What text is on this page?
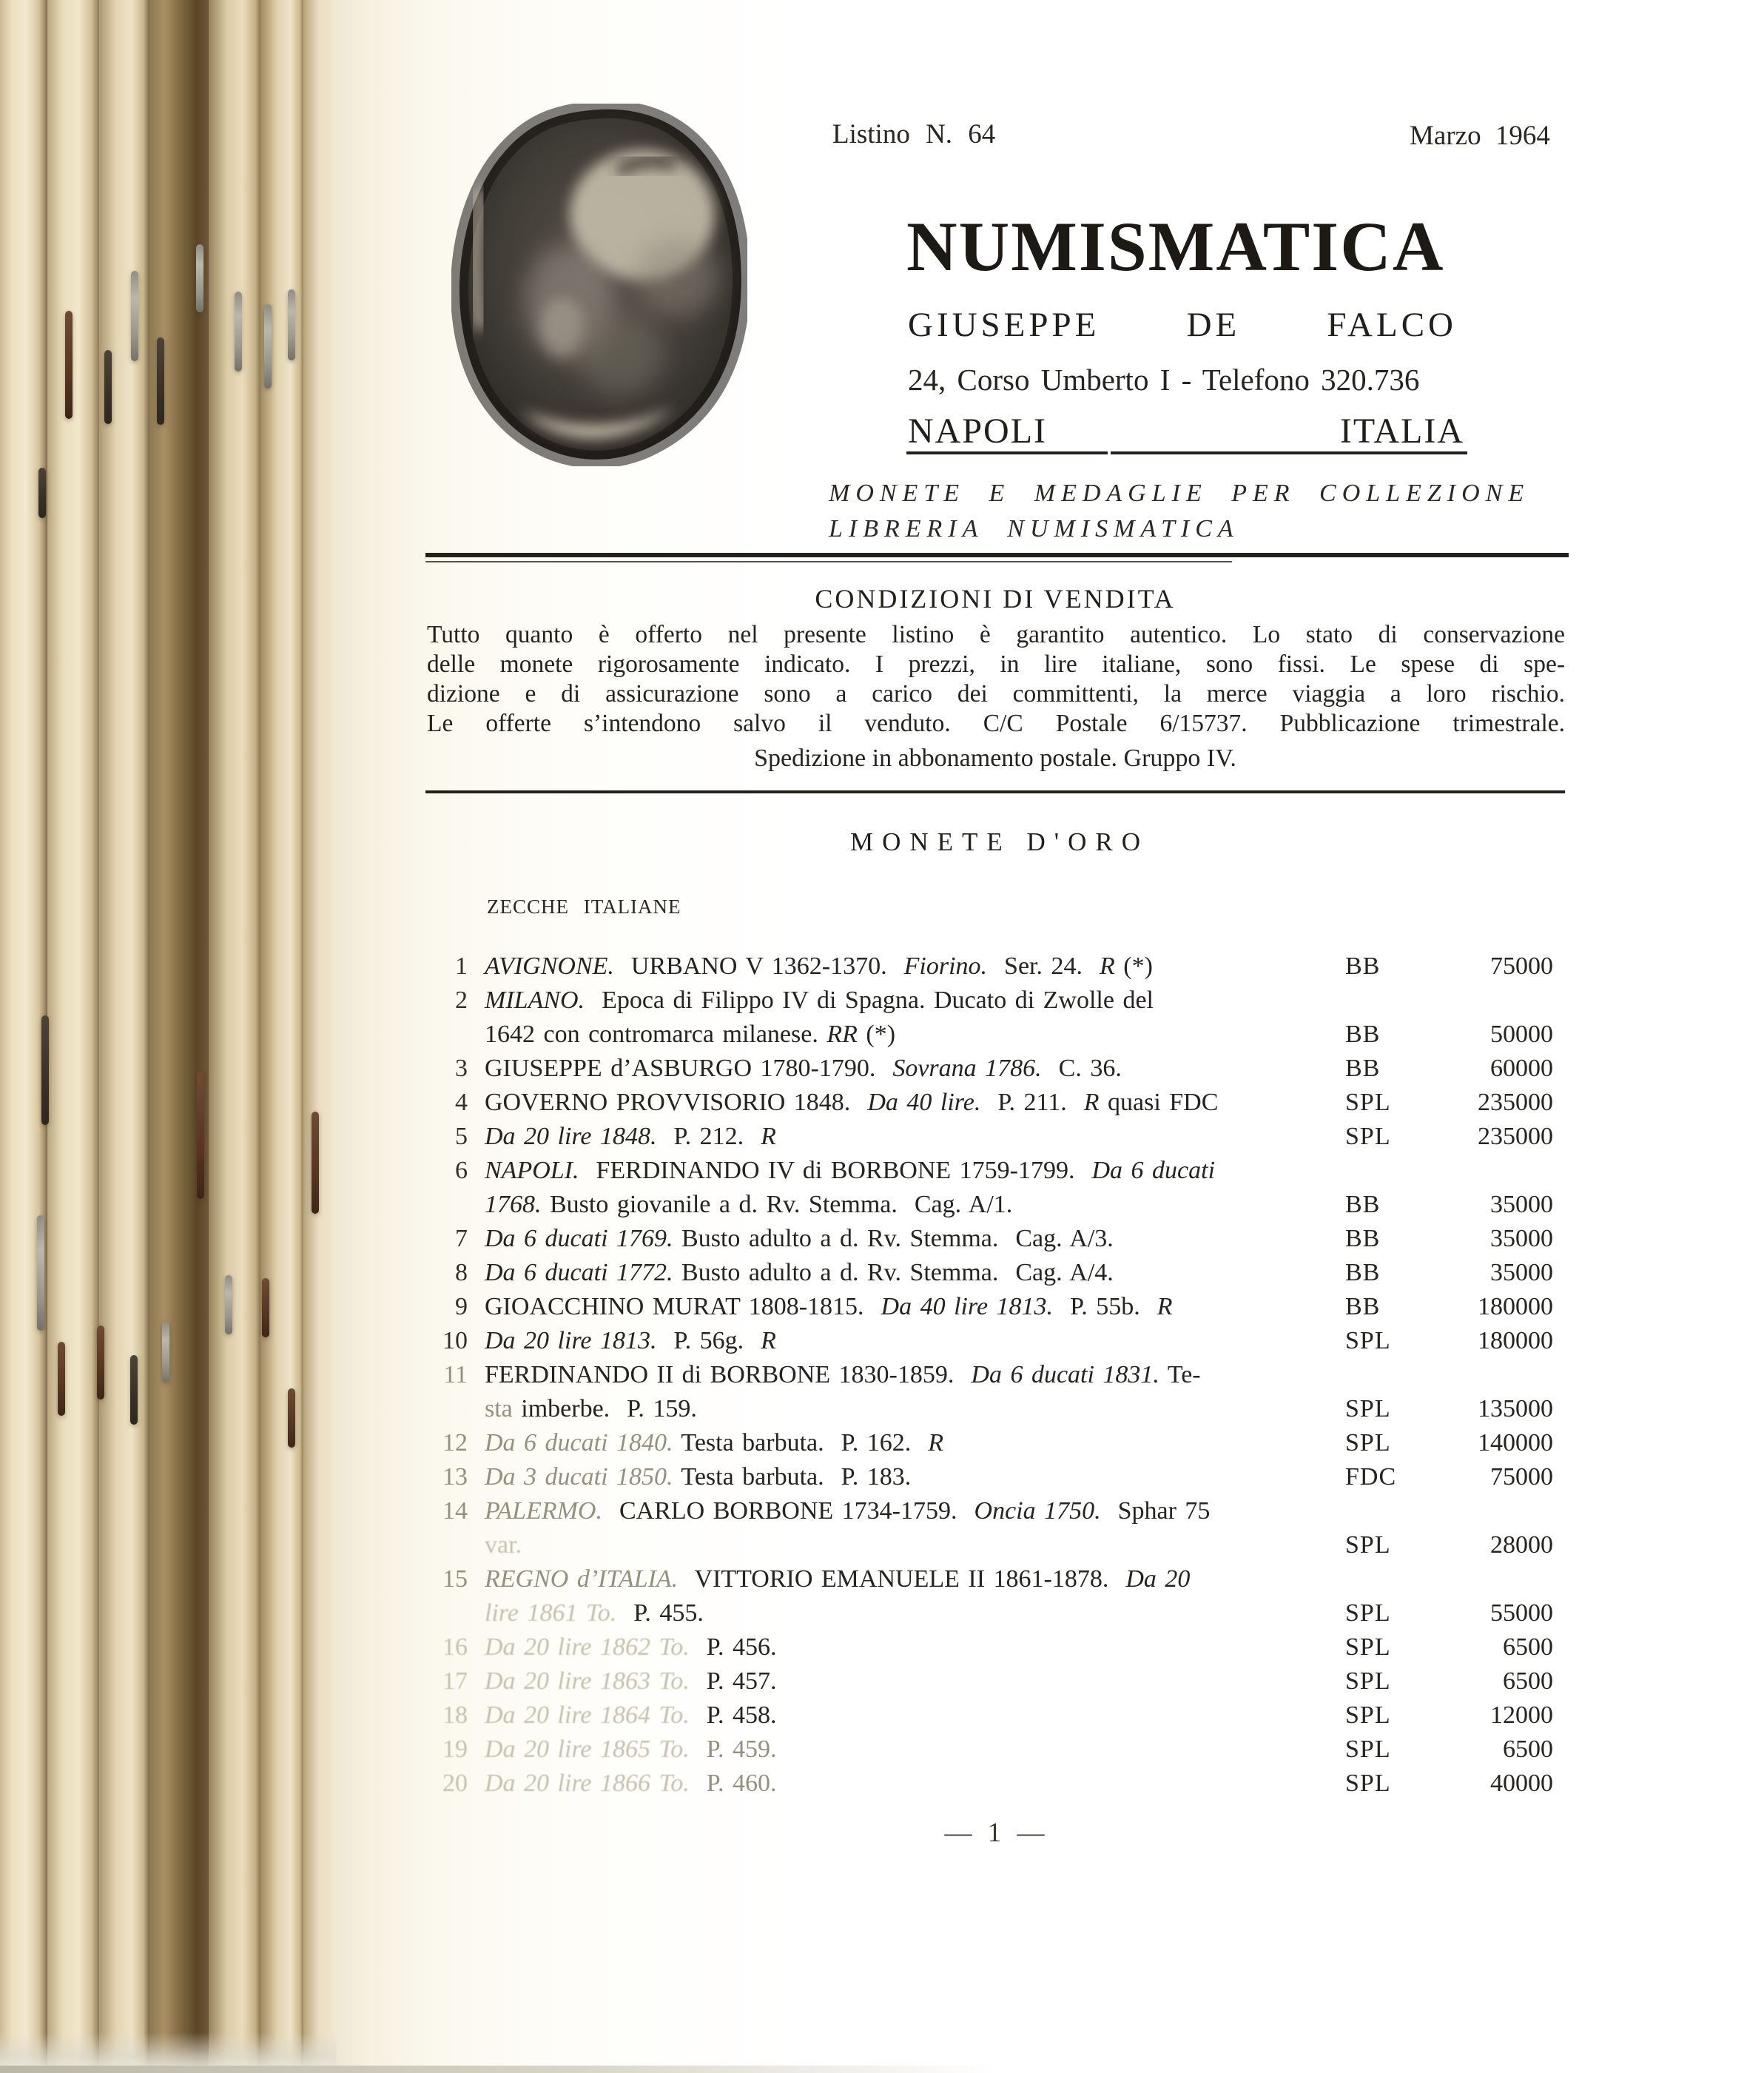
Listino N. 64	Marzo 1964
NUMISMATICA
GIUSEPPE DE FALCO
24, Corso Umberto I - Telefono 320.736
NAPOLI	ITALIA
MONETE E MEDAGLIE PER COLLEZIONE
LIBRERIA NUMISMATICA
CONDIZIONI DI VENDITA
Tutto quanto è offerto nel presente listino è garantito autentico. Lo stato di conservazione
delle monete rigorosamente indicato. I prezzi, in lire italiane, sono fissi. Le spese di spe-
dizione e di assicurazione sono a carico dei committenti, la merce viaggia a loro rischio.
Le offerte s’intendono salvo il venduto. C/C Postale 6/15737. Pubblicazione trimestrale.
Spedizione in abbonamento postale. Gruppo IV.
MONETE D'ORO
ZECCHE ITALIANE
1 AVIGNONE.  URBANO V 1362-1370.  Fiorino.  Ser. 24.  R (*)	BB	75000
2 MILANO.  Epoca di Filippo IV di Spagna. Ducato di Zwolle del
1642 con contromarca milanese. RR (*)	BB	50000
3 GIUSEPPE d’ASBURGO 1780-1790.  Sovrana 1786.  C. 36.	BB	60000
4 GOVERNO PROVVISORIO 1848.  Da 40 lire.  P. 211.  R quasi FDC	SPL	235000
5 Da 20 lire 1848.  P. 212.  R	SPL	235000
6 NAPOLI.  FERDINANDO IV di BORBONE 1759-1799.  Da 6 ducati
1768. Busto giovanile a d. Rv. Stemma.  Cag. A/1.	BB	35000
7 Da 6 ducati 1769. Busto adulto a d. Rv. Stemma.  Cag. A/3.	BB	35000
8 Da 6 ducati 1772. Busto adulto a d. Rv. Stemma.  Cag. A/4.	BB	35000
9 GIOACCHINO MURAT 1808-1815.  Da 40 lire 1813.  P. 55b.  R	BB	180000
10 Da 20 lire 1813.  P. 56g.  R	SPL	180000
11 FERDINANDO II di BORBONE 1830-1859.  Da 6 ducati 1831. Te-
sta imberbe.  P. 159.	SPL	135000
12 Da 6 ducati 1840. Testa barbuta.  P. 162.  R	SPL	140000
13 Da 3 ducati 1850. Testa barbuta.  P. 183.	FDC	75000
14 PALERMO.  CARLO BORBONE 1734-1759.  Oncia 1750.  Sphar 75
var.	SPL	28000
15 REGNO d’ITALIA.  VITTORIO EMANUELE II 1861-1878.  Da 20
lire 1861 To.  P. 455.	SPL	55000
16 Da 20 lire 1862 To.  P. 456.	SPL	6500
17 Da 20 lire 1863 To.  P. 457.	SPL	6500
18 Da 20 lire 1864 To.  P. 458.	SPL	12000
19 Da 20 lire 1865 To.  P. 459.	SPL	6500
20 Da 20 lire 1866 To.  P. 460.	SPL	40000
— 1 —
